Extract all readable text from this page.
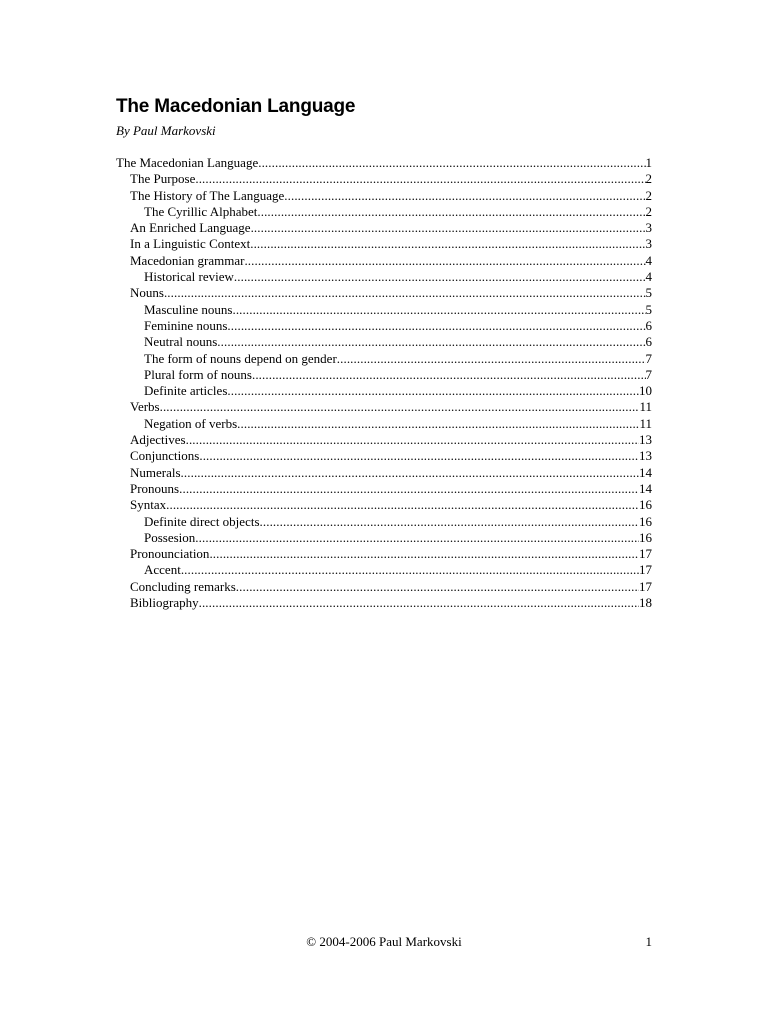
The Macedonian Language
By Paul Markovski
The Macedonian Language .....	1
The Purpose .....	2
The History of The Language .....	2
The Cyrillic Alphabet .....	2
An Enriched Language .....	3
In a Linguistic Context .....	3
Macedonian grammar .....	4
Historical review .....	4
Nouns .....	5
Masculine nouns .....	5
Feminine nouns .....	6
Neutral nouns .....	6
The form of nouns depend on gender .....	7
Plural form of nouns .....	7
Definite articles .....	10
Verbs .....	11
Negation of verbs .....	11
Adjectives .....	13
Conjunctions .....	13
Numerals .....	14
Pronouns .....	14
Syntax .....	16
Definite direct objects .....	16
Possesion .....	16
Pronounciation .....	17
Accent .....	17
Concluding remarks .....	17
Bibliography .....	18
© 2004-2006 Paul Markovski	1
